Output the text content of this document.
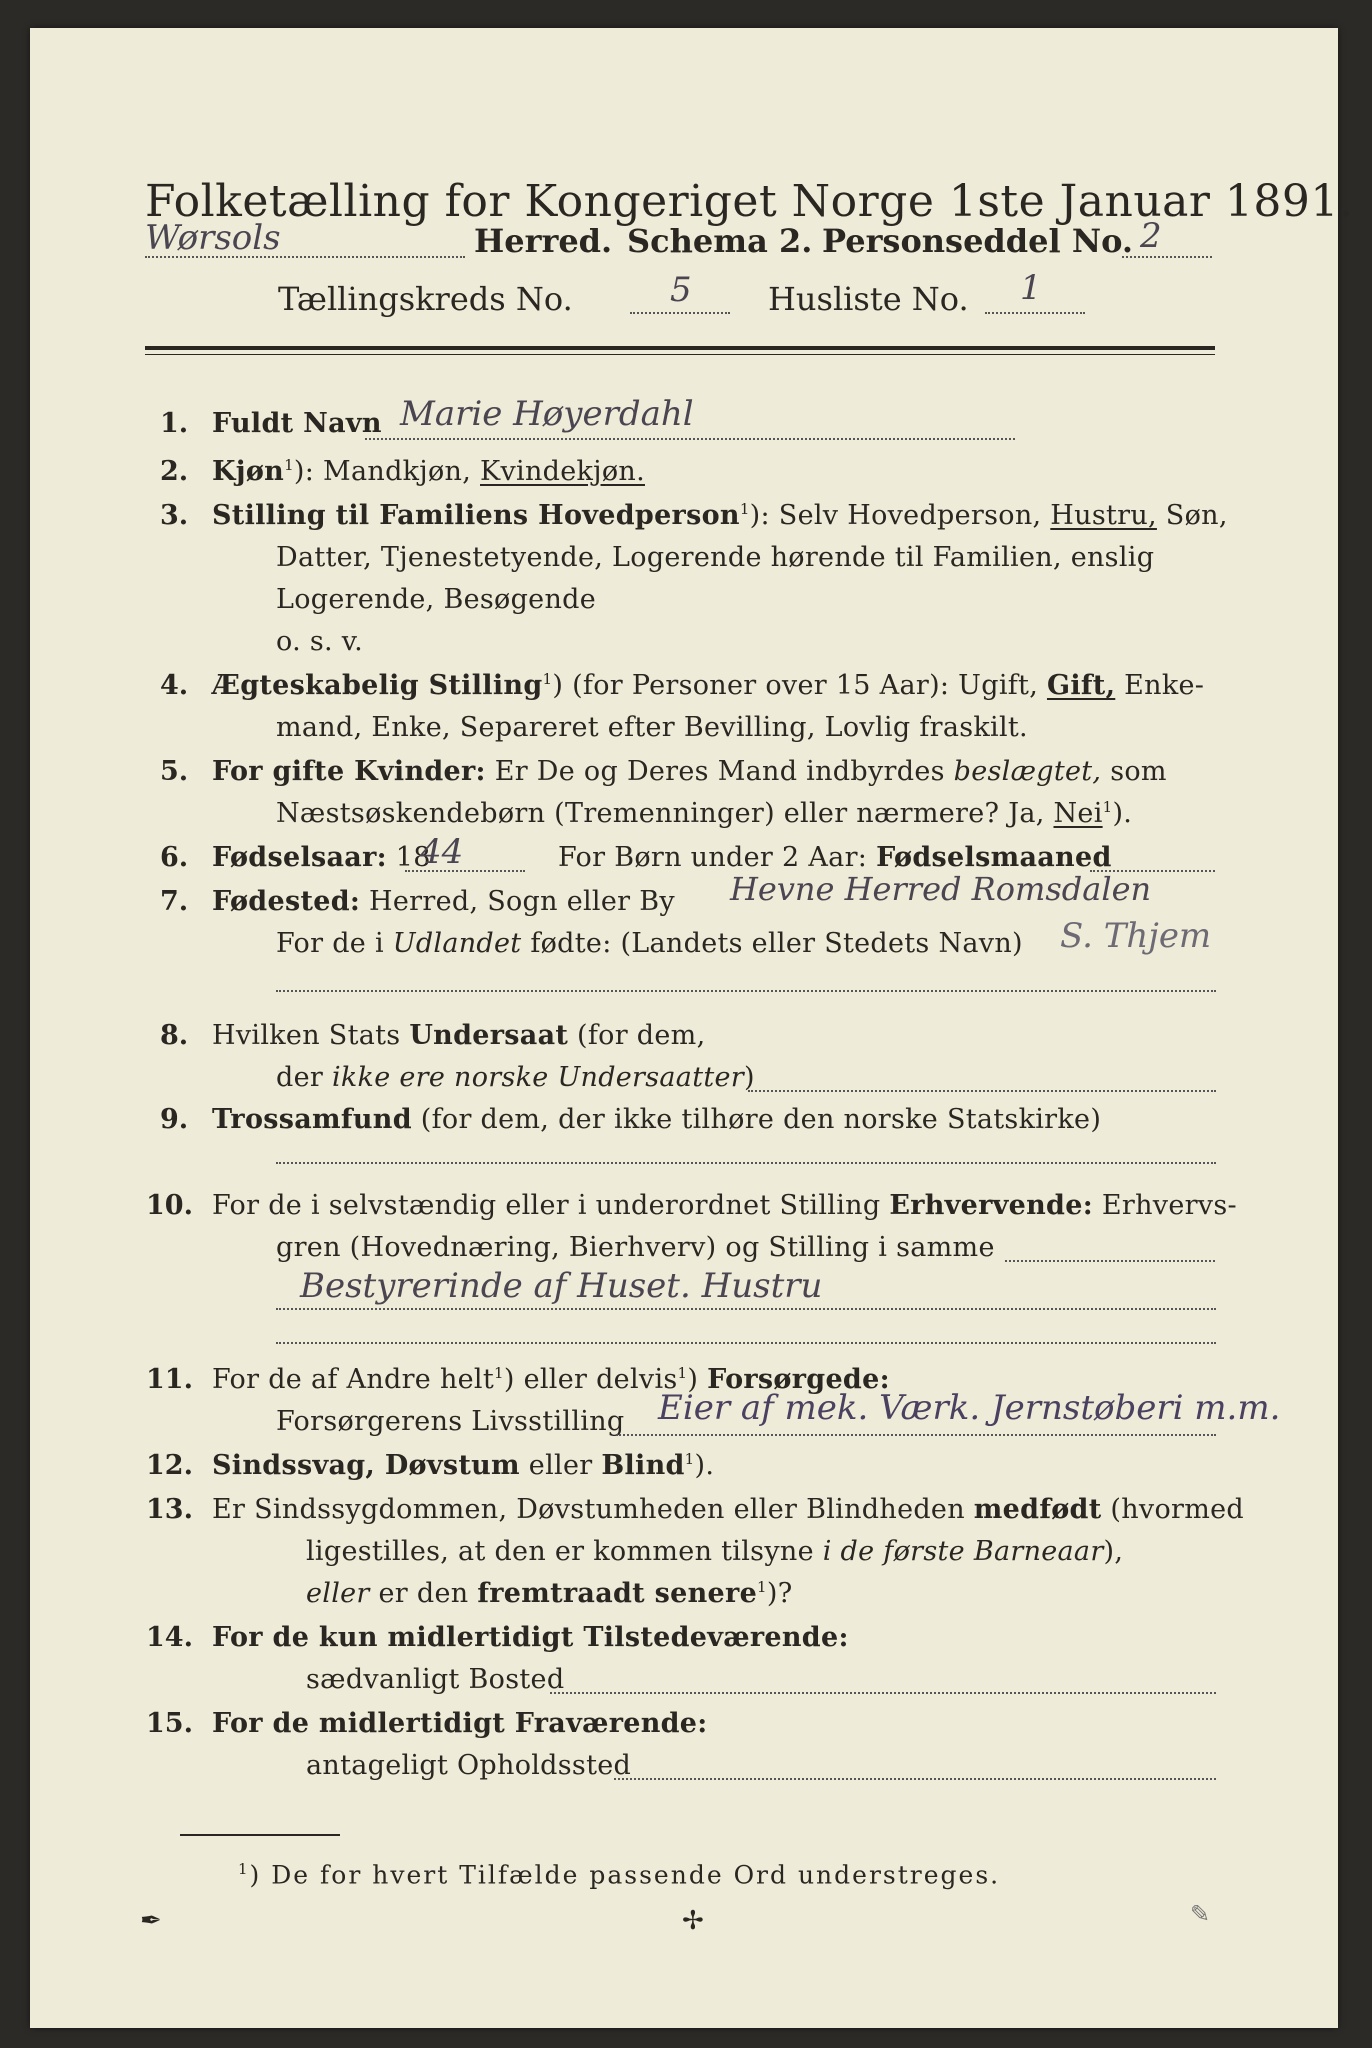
Folketælling for Kongeriget Norge 1ste Januar 1891.
Wørsols	Herred. Schema 2. Personseddel No. 2
Tællingskreds No.	5 Husliste No. 1
1. Fuldt Navn Marie Høyerdahl
2. Kjøn$^1$): Mandkjøn, Kvindekjøn.
3. Stilling til Familiens Hovedperson$^1$): Selv Hovedperson, Hustru, Søn,
Datter, Tjenestetyende, Logerende hørende til Familien, enslig
Logerende, Besøgende
o. s. v.
4. Ægteskabelig Stilling$^1$) (for Personer over 15 Aar): Ugift, Gift, Enke-
mand, Enke, Separeret efter Bevilling, Lovlig fraskilt.
5. For gifte Kvinder: Er De og Deres Mand indbyrdes beslægtet, som
Næstsøskendebørn (Tremenninger) eller nærmere? Ja, Nei$^1$).
6. Fødselsaar: 18
44	For Børn under 2 Aar: Fødselsmaaned
7. Fødested: Herred, Sogn eller By Hevne Herred Romsdalen
For de i Udlandet fødte: (Landets eller Stedets Navn) S. Thjem
8. Hvilken Stats Undersaat (for dem,
der ikke ere norske Undersaatter)
9. Trossamfund (for dem, der ikke tilhøre den norske Statskirke)
10. For de i selvstændig eller i underordnet Stilling Erhvervende: Erhvervs-
gren (Hovednæring, Bierhverv) og Stilling i samme
Bestyrerinde af Huset. Hustru
11. For de af Andre helt$^1$) eller delvis$^1$) Forsørgede:
Forsørgerens Livsstilling Eier af mek. Værk. Jernstøberi m.m.
12. Sindssvag, Døvstum eller Blind$^1$).
13. Er Sindssygdommen, Døvstumheden eller Blindheden medfødt (hvormed
ligestilles, at den er kommen tilsyne i de første Barneaar),
eller er den fremtraadt senere$^1$)?
14. For de kun midlertidigt Tilstedeværende:
sædvanligt Bosted
15. For de midlertidigt Fraværende:
antageligt Opholdssted
$^1$) De for hvert Tilfælde passende Ord understreges.
✒	✢	✎
